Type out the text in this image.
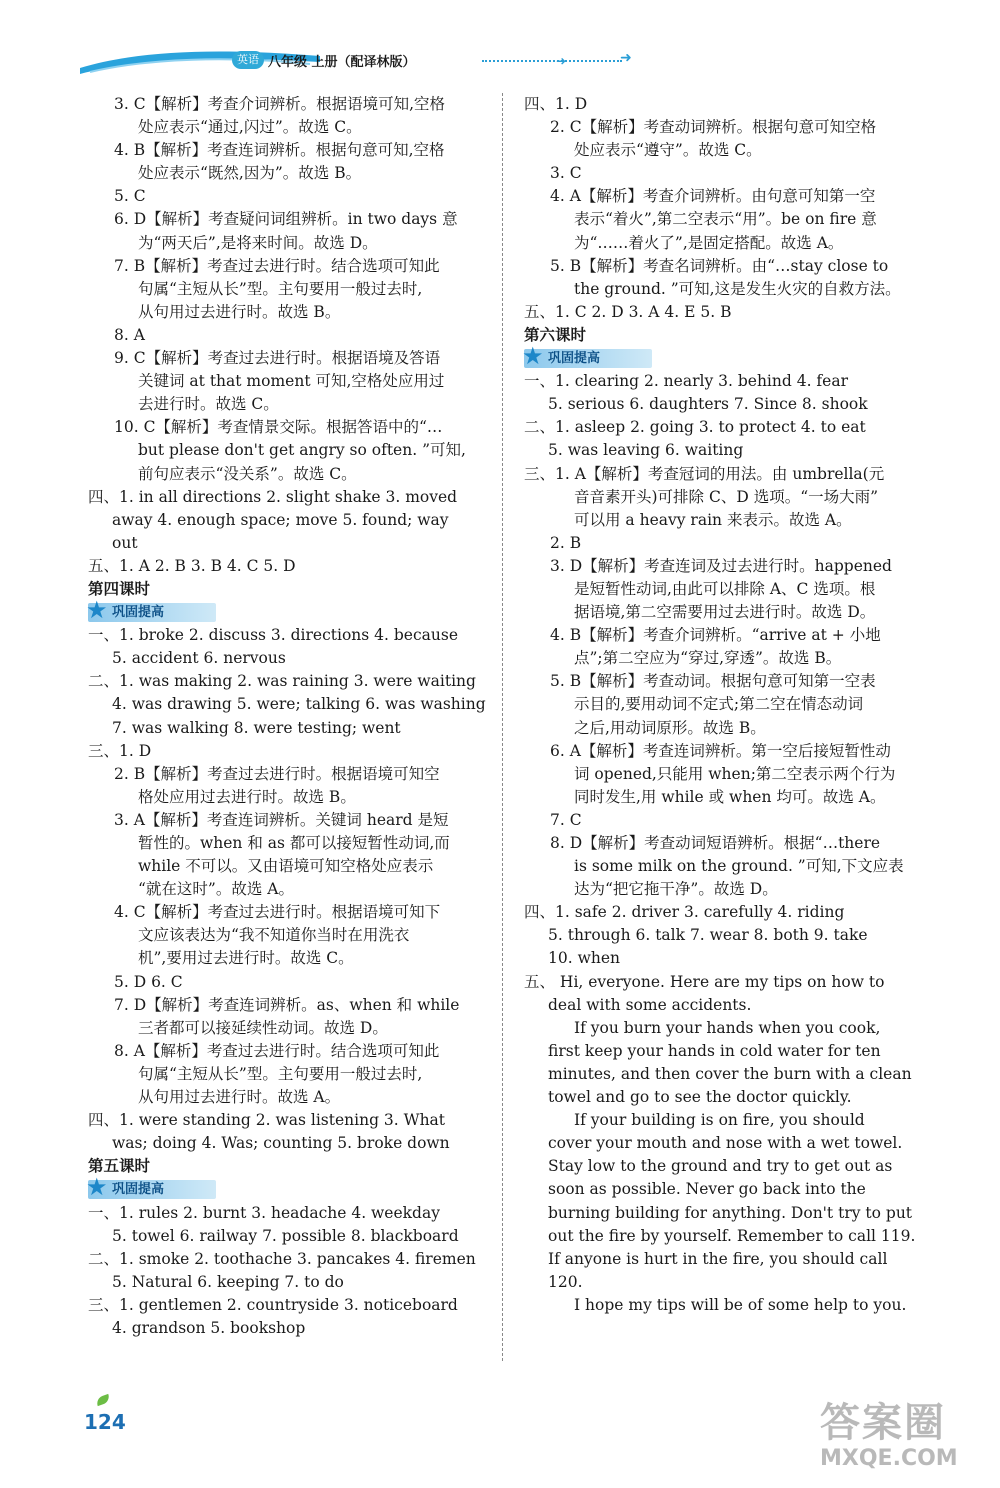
英语 八年级 上册（配译林版）	➜	➜
3. C【解析】考查介词辨析。根据语境可知,空格
处应表示“通过,闪过”。故选 C。
4. B【解析】考查连词辨析。根据句意可知,空格
处应表示“既然,因为”。故选 B。
5. C
6. D【解析】考查疑问词组辨析。in two days 意
为“两天后”,是将来时间。故选 D。
7. B【解析】考查过去进行时。结合选项可知此
句属“主短从长”型。主句要用一般过去时,
从句用过去进行时。故选 B。
8. A
9. C【解析】考查过去进行时。根据语境及答语
关键词 at that moment 可知,空格处应用过
去进行时。故选 C。
10. C【解析】考查情景交际。根据答语中的“…
but please don't get angry so often. ”可知,
前句应表示“没关系”。故选 C。
四、1. in all directions 2. slight shake 3. moved
away 4. enough space; move 5. found; way
out
五、1. A 2. B 3. B 4. C 5. D
第四课时
★ 巩固提高
一、1. broke 2. discuss 3. directions 4. because
5. accident 6. nervous
二、1. was making 2. was raining 3. were waiting
4. was drawing 5. were; talking 6. was washing
7. was walking 8. were testing; went
三、1. D
2. B【解析】考查过去进行时。根据语境可知空
格处应用过去进行时。故选 B。
3. A【解析】考查连词辨析。关键词 heard 是短
暂性的。when 和 as 都可以接短暂性动词,而
while 不可以。又由语境可知空格处应表示
“就在这时”。故选 A。
4. C【解析】考查过去进行时。根据语境可知下
文应该表达为“我不知道你当时在用洗衣
机”,要用过去进行时。故选 C。
5. D 6. C
7. D【解析】考查连词辨析。as、when 和 while
三者都可以接延续性动词。故选 D。
8. A【解析】考查过去进行时。结合选项可知此
句属“主短从长”型。主句要用一般过去时,
从句用过去进行时。故选 A。
四、1. were standing 2. was listening 3. What
was; doing 4. Was; counting 5. broke down
第五课时
★ 巩固提高
一、1. rules 2. burnt 3. headache 4. weekday
5. towel 6. railway 7. possible 8. blackboard
二、1. smoke 2. toothache 3. pancakes 4. firemen
5. Natural 6. keeping 7. to do
三、1. gentlemen 2. countryside 3. noticeboard
4. grandson 5. bookshop
四、1. D
2. C【解析】考查动词辨析。根据句意可知空格
处应表示“遵守”。故选 C。
3. C
4. A【解析】考查介词辨析。由句意可知第一空
表示“着火”,第二空表示“用”。be on fire 意
为“……着火了”,是固定搭配。故选 A。
5. B【解析】考查名词辨析。由“…stay close to
the ground. ”可知,这是发生火灾的自救方法。
五、1. C 2. D 3. A 4. E 5. B
第六课时
★ 巩固提高
一、1. clearing 2. nearly 3. behind 4. fear
5. serious 6. daughters 7. Since 8. shook
二、1. asleep 2. going 3. to protect 4. to eat
5. was leaving 6. waiting
三、1. A【解析】考查冠词的用法。由 umbrella(元
音音素开头)可排除 C、D 选项。“一场大雨”
可以用 a heavy rain 来表示。故选 A。
2. B
3. D【解析】考查连词及过去进行时。happened
是短暂性动词,由此可以排除 A、C 选项。根
据语境,第二空需要用过去进行时。故选 D。
4. B【解析】考查介词辨析。“arrive at + 小地
点”;第二空应为“穿过,穿透”。故选 B。
5. B【解析】考查动词。根据句意可知第一空表
示目的,要用动词不定式;第二空在情态动词
之后,用动词原形。故选 B。
6. A【解析】考查连词辨析。第一空后接短暂性动
词 opened,只能用 when;第二空表示两个行为
同时发生,用 while 或 when 均可。故选 A。
7. C
8. D【解析】考查动词短语辨析。根据“…there
is some milk on the ground. ”可知,下文应表
达为“把它拖干净”。故选 D。
四、1. safe 2. driver 3. carefully 4. riding
5. through 6. talk 7. wear 8. both 9. take
10. when
五、 Hi, everyone. Here are my tips on how to
deal with some accidents.
If you burn your hands when you cook,
first keep your hands in cold water for ten
minutes, and then cover the burn with a clean
towel and go to see the doctor quickly.
If your building is on fire, you should
cover your mouth and nose with a wet towel.
Stay low to the ground and try to get out as
soon as possible. Never go back into the
burning building for anything. Don't try to put
out the fire by yourself. Remember to call 119.
If anyone is hurt in the fire, you should call
120.
I hope my tips will be of some help to you.
124	答案圈
MXQE.COM
